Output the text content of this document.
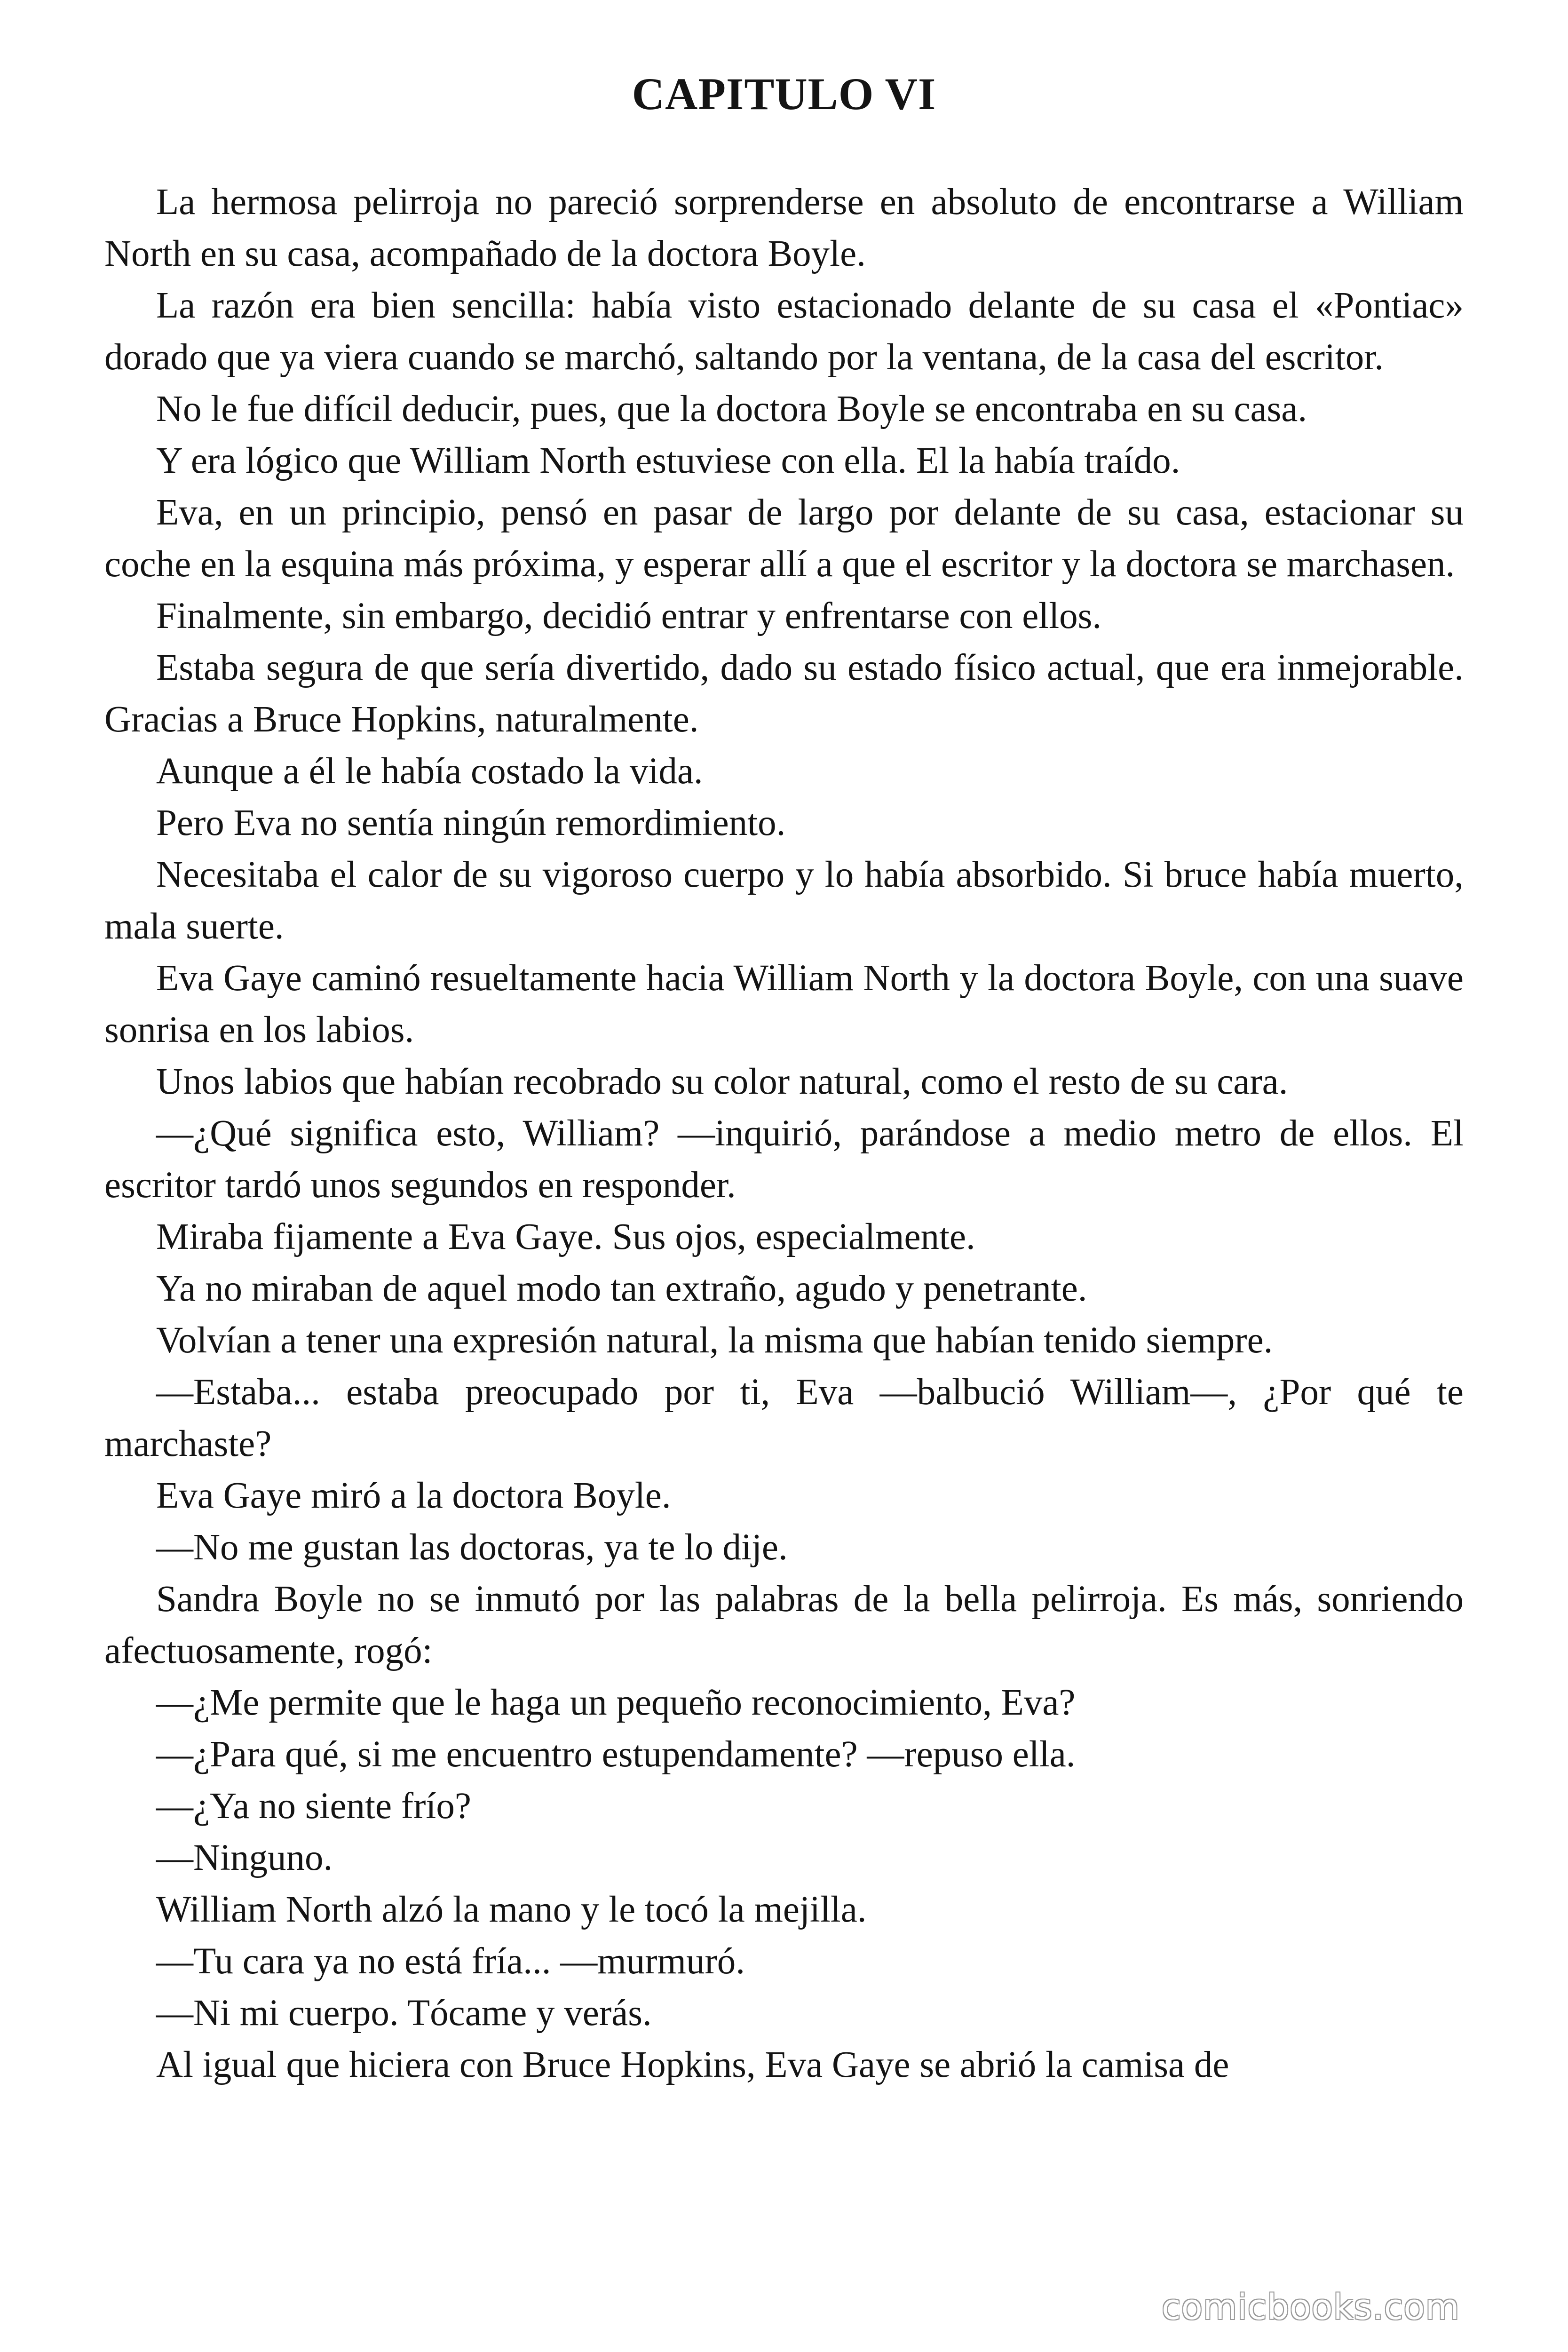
CAPITULO VI

La hermosa pelirroja no pareció sorprenderse en absoluto de encontrarse a William North en su casa, acompañado de la doctora Boyle.

La razón era bien sencilla: había visto estacionado delante de su casa el «Pontiac» dorado que ya viera cuando se marchó, saltando por la ventana, de la casa del escritor.

No le fue difícil deducir, pues, que la doctora Boyle se encontraba en su casa.

Y era lógico que William North estuviese con ella. El la había traído.

Eva, en un principio, pensó en pasar de largo por delante de su casa, estacionar su coche en la esquina más próxima, y esperar allí a que el escritor y la doctora se marchasen.

Finalmente, sin embargo, decidió entrar y enfrentarse con ellos.

Estaba segura de que sería divertido, dado su estado físico actual, que era inmejorable. Gracias a Bruce Hopkins, naturalmente.

Aunque a él le había costado la vida.

Pero Eva no sentía ningún remordimiento.

Necesitaba el calor de su vigoroso cuerpo y lo había absorbido. Si bruce había muerto, mala suerte.

Eva Gaye caminó resueltamente hacia William North y la doctora Boyle, con una suave sonrisa en los labios.

Unos labios que habían recobrado su color natural, como el resto de su cara.

—¿Qué significa esto, William? —inquirió, parándose a medio metro de ellos. El escritor tardó unos segundos en responder.

Miraba fijamente a Eva Gaye. Sus ojos, especialmente.

Ya no miraban de aquel modo tan extraño, agudo y penetrante.

Volvían a tener una expresión natural, la misma que habían tenido siempre.

—Estaba... estaba preocupado por ti, Eva —balbució William—, ¿Por qué te marchaste?

Eva Gaye miró a la doctora Boyle.

—No me gustan las doctoras, ya te lo dije.

Sandra Boyle no se inmutó por las palabras de la bella pelirroja. Es más, sonriendo afectuosamente, rogó:

—¿Me permite que le haga un pequeño reconocimiento, Eva?

—¿Para qué, si me encuentro estupendamente? —repuso ella.

—¿Ya no siente frío?

—Ninguno.

William North alzó la mano y le tocó la mejilla.

—Tu cara ya no está fría... —murmuró.

—Ni mi cuerpo. Tócame y verás.

Al igual que hiciera con Bruce Hopkins, Eva Gaye se abrió la camisa de

comicbooks.com
